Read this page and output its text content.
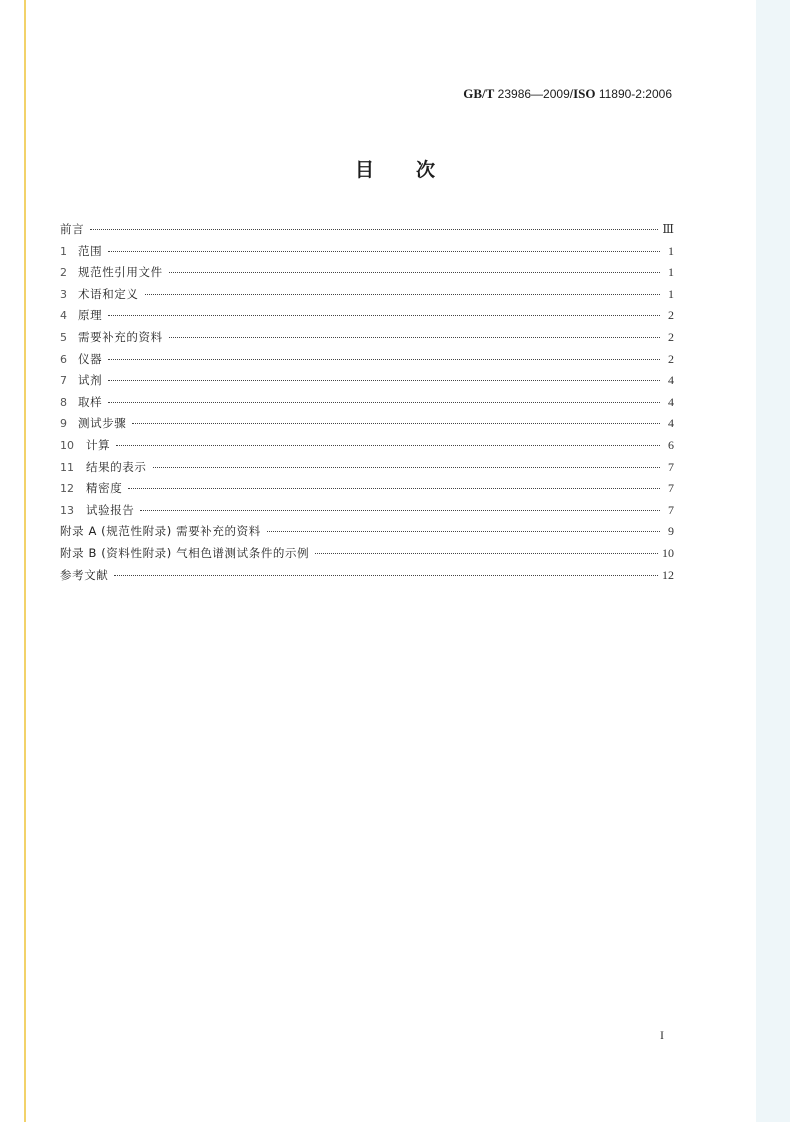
GB/T 23986—2009/ISO 11890-2:2006
目次
前言	Ⅲ
1 范围	1
2 规范性引用文件	1
3 术语和定义	1
4 原理	2
5 需要补充的资料	2
6 仪器	2
7 试剂	4
8 取样	4
9 测试步骤	4
10	计算	6
11	结果的表示	7
12	精密度	7
13	试验报告	7
附录 A (规范性附录) 需要补充的资料	9
附录 B (资料性附录) 气相色谱测试条件的示例	10
参考文献	12
I
